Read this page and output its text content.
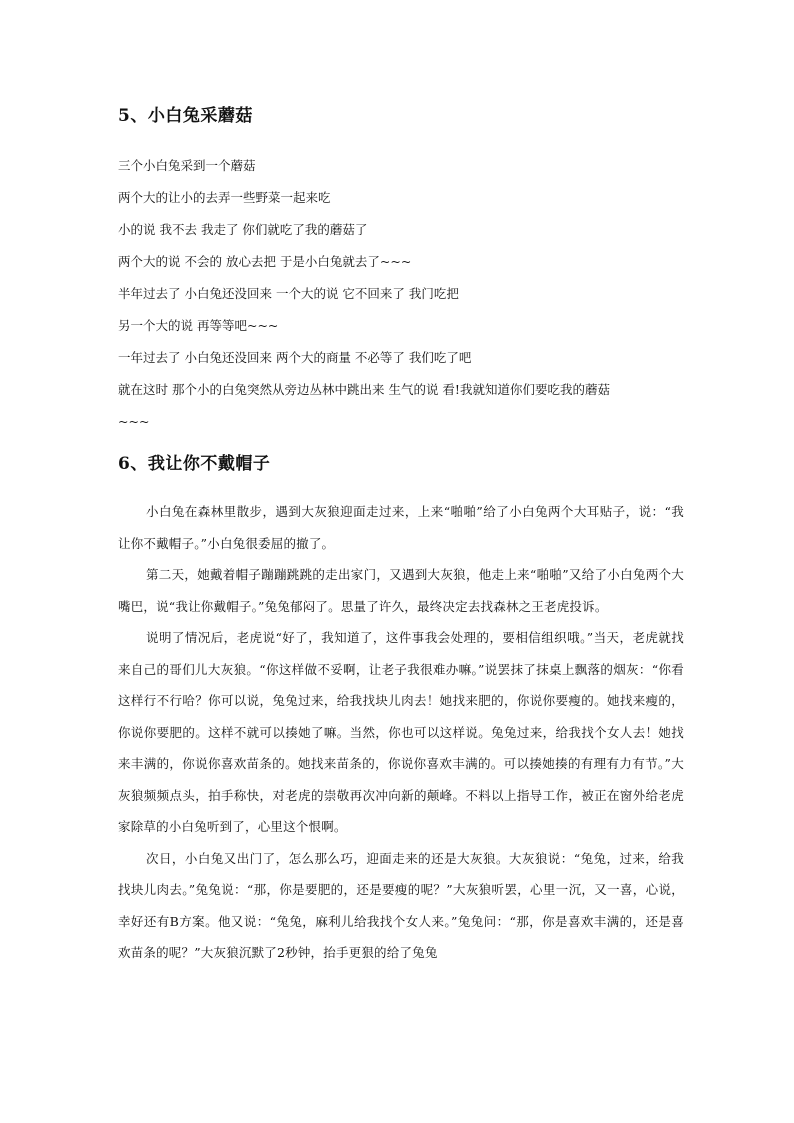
5、小白兔采蘑菇

三个小白兔采到一个蘑菇

两个大的让小的去弄一些野菜一起来吃

小的说 我不去 我走了 你们就吃了我的蘑菇了

两个大的说 不会的 放心去把 于是小白兔就去了~~~

半年过去了 小白兔还没回来 一个大的说 它不回来了 我门吃把

另一个大的说 再等等吧~~~

一年过去了 小白兔还没回来 两个大的商量 不必等了 我们吃了吧

就在这时 那个小的白兔突然从旁边丛林中跳出来 生气的说 看!我就知道你们要吃我的蘑菇

~~~

6、我让你不戴帽子

小白兔在森林里散步，遇到大灰狼迎面走过来，上来“啪啪”给了小白兔两个大耳贴子，说：“我让你不戴帽子。”小白兔很委屈的撤了。

第二天，她戴着帽子蹦蹦跳跳的走出家门，又遇到大灰狼，他走上来“啪啪”又给了小白兔两个大嘴巴，说“我让你戴帽子。”兔兔郁闷了。思量了许久，最终决定去找森林之王老虎投诉。

说明了情况后，老虎说“好了，我知道了，这件事我会处理的，要相信组织哦。”当天，老虎就找来自己的哥们儿大灰狼。“你这样做不妥啊，让老子我很难办嘛。”说罢抹了抹桌上飘落的烟灰：“你看这样行不行哈？你可以说，兔兔过来，给我找块儿肉去！她找来肥的，你说你要瘦的。她找来瘦的，你说你要肥的。这样不就可以揍她了嘛。当然，你也可以这样说。兔兔过来，给我找个女人去！她找来丰满的，你说你喜欢苗条的。她找来苗条的，你说你喜欢丰满的。可以揍她揍的有理有力有节。”大灰狼频频点头，拍手称快，对老虎的崇敬再次冲向新的颠峰。不料以上指导工作，被正在窗外给老虎家除草的小白兔听到了，心里这个恨啊。

次日，小白兔又出门了，怎么那么巧，迎面走来的还是大灰狼。大灰狼说：“兔兔，过来，给我找块儿肉去。”兔兔说：“那，你是要肥的，还是要瘦的呢？”大灰狼听罢，心里一沉，又一喜，心说，幸好还有B方案。他又说：“兔兔，麻利儿给我找个女人来。”兔兔问：“那，你是喜欢丰满的，还是喜欢苗条的呢？”大灰狼沉默了2秒钟，抬手更狠的给了兔兔
